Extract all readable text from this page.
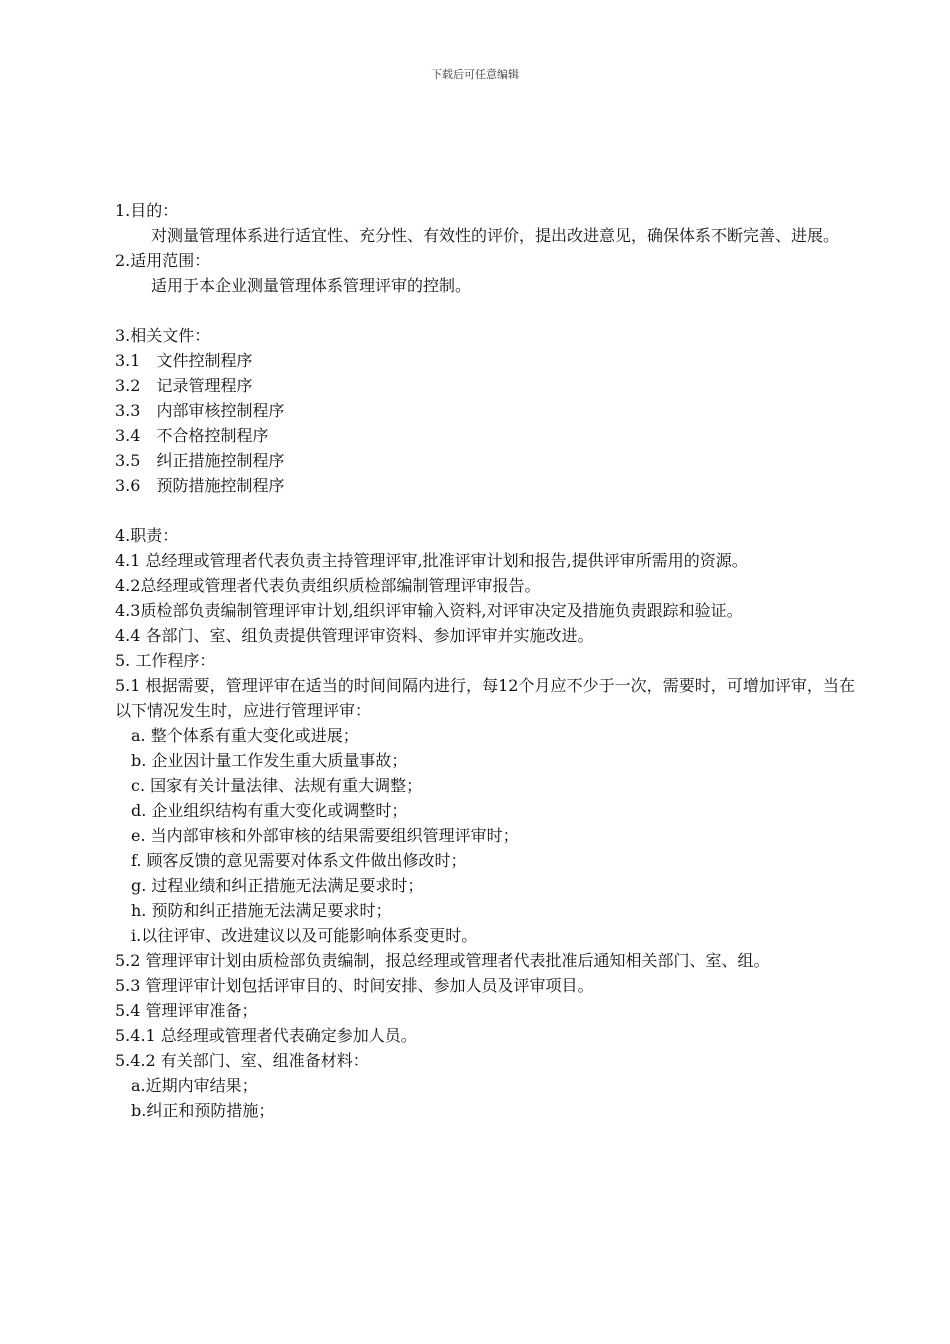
下载后可任意编辑
1.目的：
对测量管理体系进行适宜性、充分性、有效性的评价，提出改进意见，确保体系不断完善、进展。
2.适用范围：
适用于本企业测量管理体系管理评审的控制。
3.相关文件：
3.1　文件控制程序
3.2　记录管理程序
3.3　内部审核控制程序
3.4　不合格控制程序
3.5　纠正措施控制程序
3.6　预防措施控制程序
4.职责：
4.1 总经理或管理者代表负责主持管理评审,批准评审计划和报告,提供评审所需用的资源。
4.2总经理或管理者代表负责组织质检部编制管理评审报告。
4.3质检部负责编制管理评审计划,组织评审输入资料,对评审决定及措施负责跟踪和验证。
4.4 各部门、室、组负责提供管理评审资料、参加评审并实施改进。
5. 工作程序：
5.1 根据需要，管理评审在适当的时间间隔内进行，每12个月应不少于一次，需要时，可增加评审，当在以下情况发生时，应进行管理评审：
a. 整个体系有重大变化或进展；
b. 企业因计量工作发生重大质量事故；
c. 国家有关计量法律、法规有重大调整；
d. 企业组织结构有重大变化或调整时；
e. 当内部审核和外部审核的结果需要组织管理评审时；
f. 顾客反馈的意见需要对体系文件做出修改时；
g. 过程业绩和纠正措施无法满足要求时；
h. 预防和纠正措施无法满足要求时；
i.以往评审、改进建议以及可能影响体系变更时。
5.2 管理评审计划由质检部负责编制，报总经理或管理者代表批准后通知相关部门、室、组。
5.3 管理评审计划包括评审目的、时间安排、参加人员及评审项目。
5.4 管理评审准备；
5.4.1 总经理或管理者代表确定参加人员。
5.4.2 有关部门、室、组准备材料：
a.近期内审结果；
b.纠正和预防措施；
